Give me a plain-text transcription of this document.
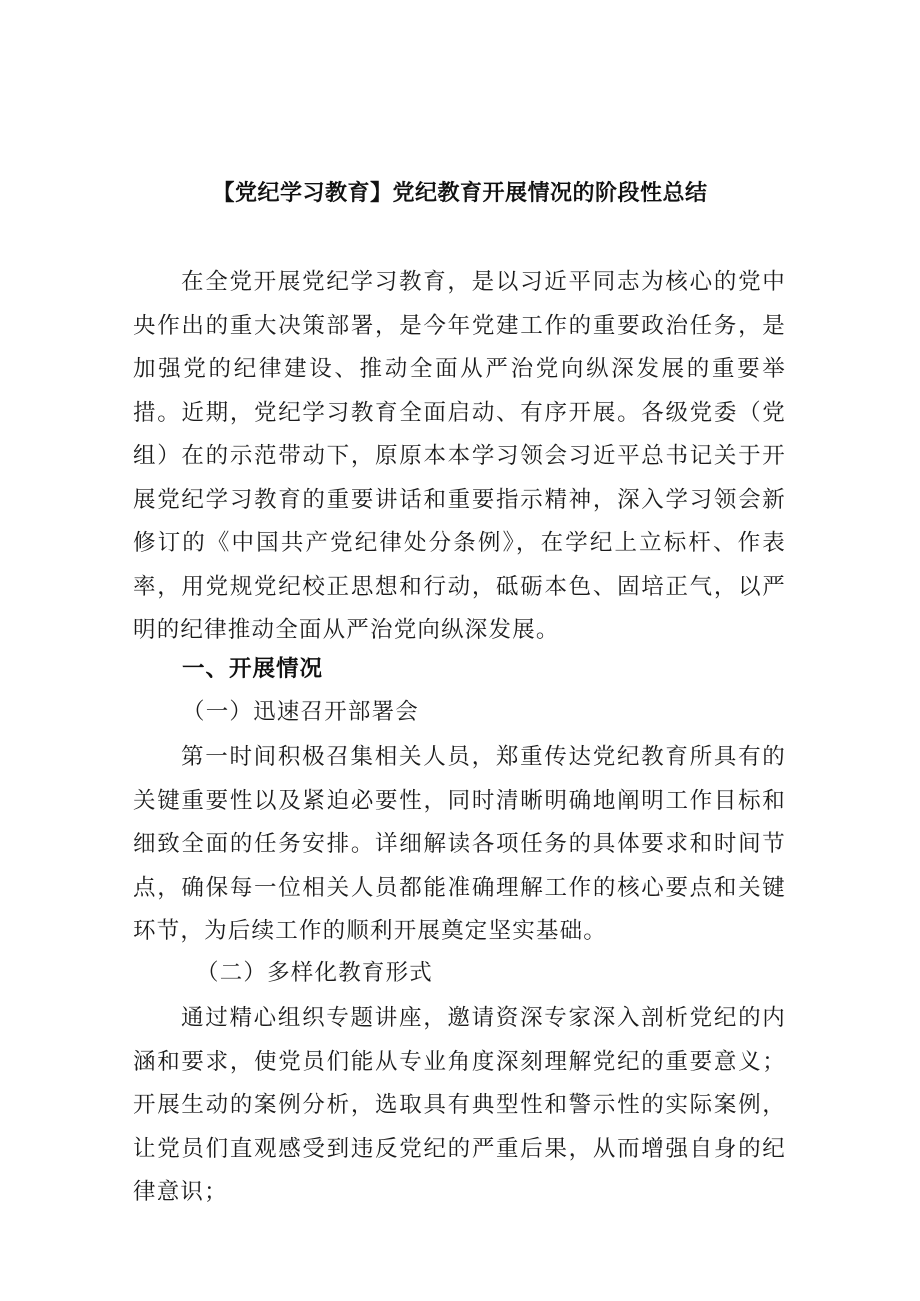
【党纪学习教育】党纪教育开展情况的阶段性总结

在全党开展党纪学习教育，是以习近平同志为核心的党中央作出的重大决策部署，是今年党建工作的重要政治任务，是加强党的纪律建设、推动全面从严治党向纵深发展的重要举措。近期，党纪学习教育全面启动、有序开展。各级党委（党组）在的示范带动下，原原本本学习领会习近平总书记关于开展党纪学习教育的重要讲话和重要指示精神，深入学习领会新修订的《中国共产党纪律处分条例》，在学纪上立标杆、作表率，用党规党纪校正思想和行动，砥砺本色、固培正气，以严明的纪律推动全面从严治党向纵深发展。

一、开展情况
（一）迅速召开部署会

第一时间积极召集相关人员，郑重传达党纪教育所具有的关键重要性以及紧迫必要性，同时清晰明确地阐明工作目标和细致全面的任务安排。详细解读各项任务的具体要求和时间节点，确保每一位相关人员都能准确理解工作的核心要点和关键环节，为后续工作的顺利开展奠定坚实基础。

（二）多样化教育形式

通过精心组织专题讲座，邀请资深专家深入剖析党纪的内涵和要求，使党员们能从专业角度深刻理解党纪的重要意义；开展生动的案例分析，选取具有典型性和警示性的实际案例，让党员们直观感受到违反党纪的严重后果，从而增强自身的纪律意识；
